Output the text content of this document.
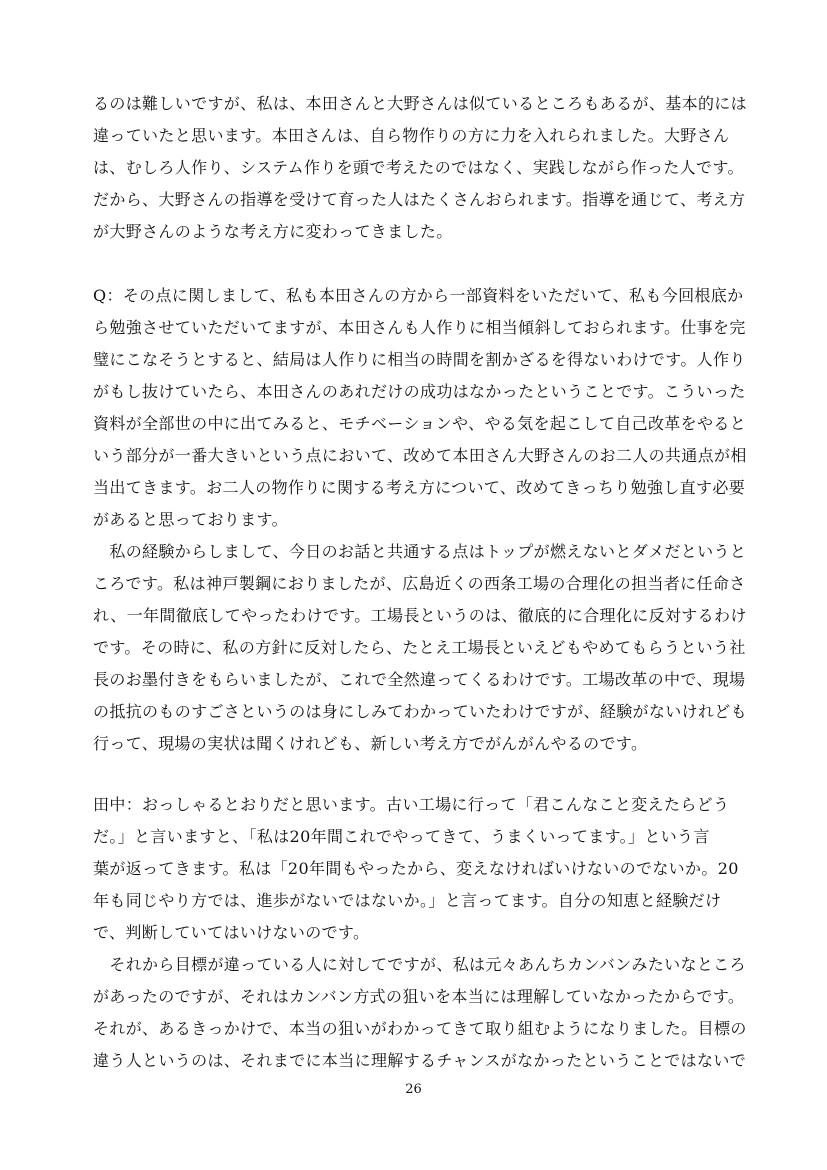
るのは難しいですが、私は、本田さんと大野さんは似ているところもあるが、基本的には
違っていたと思います。本田さんは、自ら物作りの方に力を入れられました。大野さん
は、むしろ人作り、システム作りを頭で考えたのではなく、実践しながら作った人です。
だから、大野さんの指導を受けて育った人はたくさんおられます。指導を通じて、考え方
が大野さんのような考え方に変わってきました。
Q：その点に関しまして、私も本田さんの方から一部資料をいただいて、私も今回根底か
ら勉強させていただいてますが、本田さんも人作りに相当傾斜しておられます。仕事を完
璧にこなそうとすると、結局は人作りに相当の時間を割かざるを得ないわけです。人作り
がもし抜けていたら、本田さんのあれだけの成功はなかったということです。こういった
資料が全部世の中に出てみると、モチベーションや、やる気を起こして自己改革をやると
いう部分が一番大きいという点において、改めて本田さん大野さんのお二人の共通点が相
当出てきます。お二人の物作りに関する考え方について、改めてきっちり勉強し直す必要
があると思っております。
　私の経験からしまして、今日のお話と共通する点はトップが燃えないとダメだというと
ころです。私は神戸製鋼におりましたが、広島近くの西条工場の合理化の担当者に任命さ
れ、一年間徹底してやったわけです。工場長というのは、徹底的に合理化に反対するわけ
です。その時に、私の方針に反対したら、たとえ工場長といえどもやめてもらうという社
長のお墨付きをもらいましたが、これで全然違ってくるわけです。工場改革の中で、現場
の抵抗のものすごさというのは身にしみてわかっていたわけですが、経験がないけれども
行って、現場の実状は聞くけれども、新しい考え方でがんがんやるのです。
田中：おっしゃるとおりだと思います。古い工場に行って「君こんなこと変えたらどう
だ。」と言いますと、「私は20年間これでやってきて、うまくいってます。」という言
葉が返ってきます。私は「20年間もやったから、変えなければいけないのでないか。20
年も同じやり方では、進歩がないではないか。」と言ってます。自分の知恵と経験だけ
で、判断していてはいけないのです。
　それから目標が違っている人に対してですが、私は元々あんちカンバンみたいなところ
があったのですが、それはカンバン方式の狙いを本当には理解していなかったからです。
それが、あるきっかけで、本当の狙いがわかってきて取り組むようになりました。目標の
違う人というのは、それまでに本当に理解するチャンスがなかったということではないで
26
